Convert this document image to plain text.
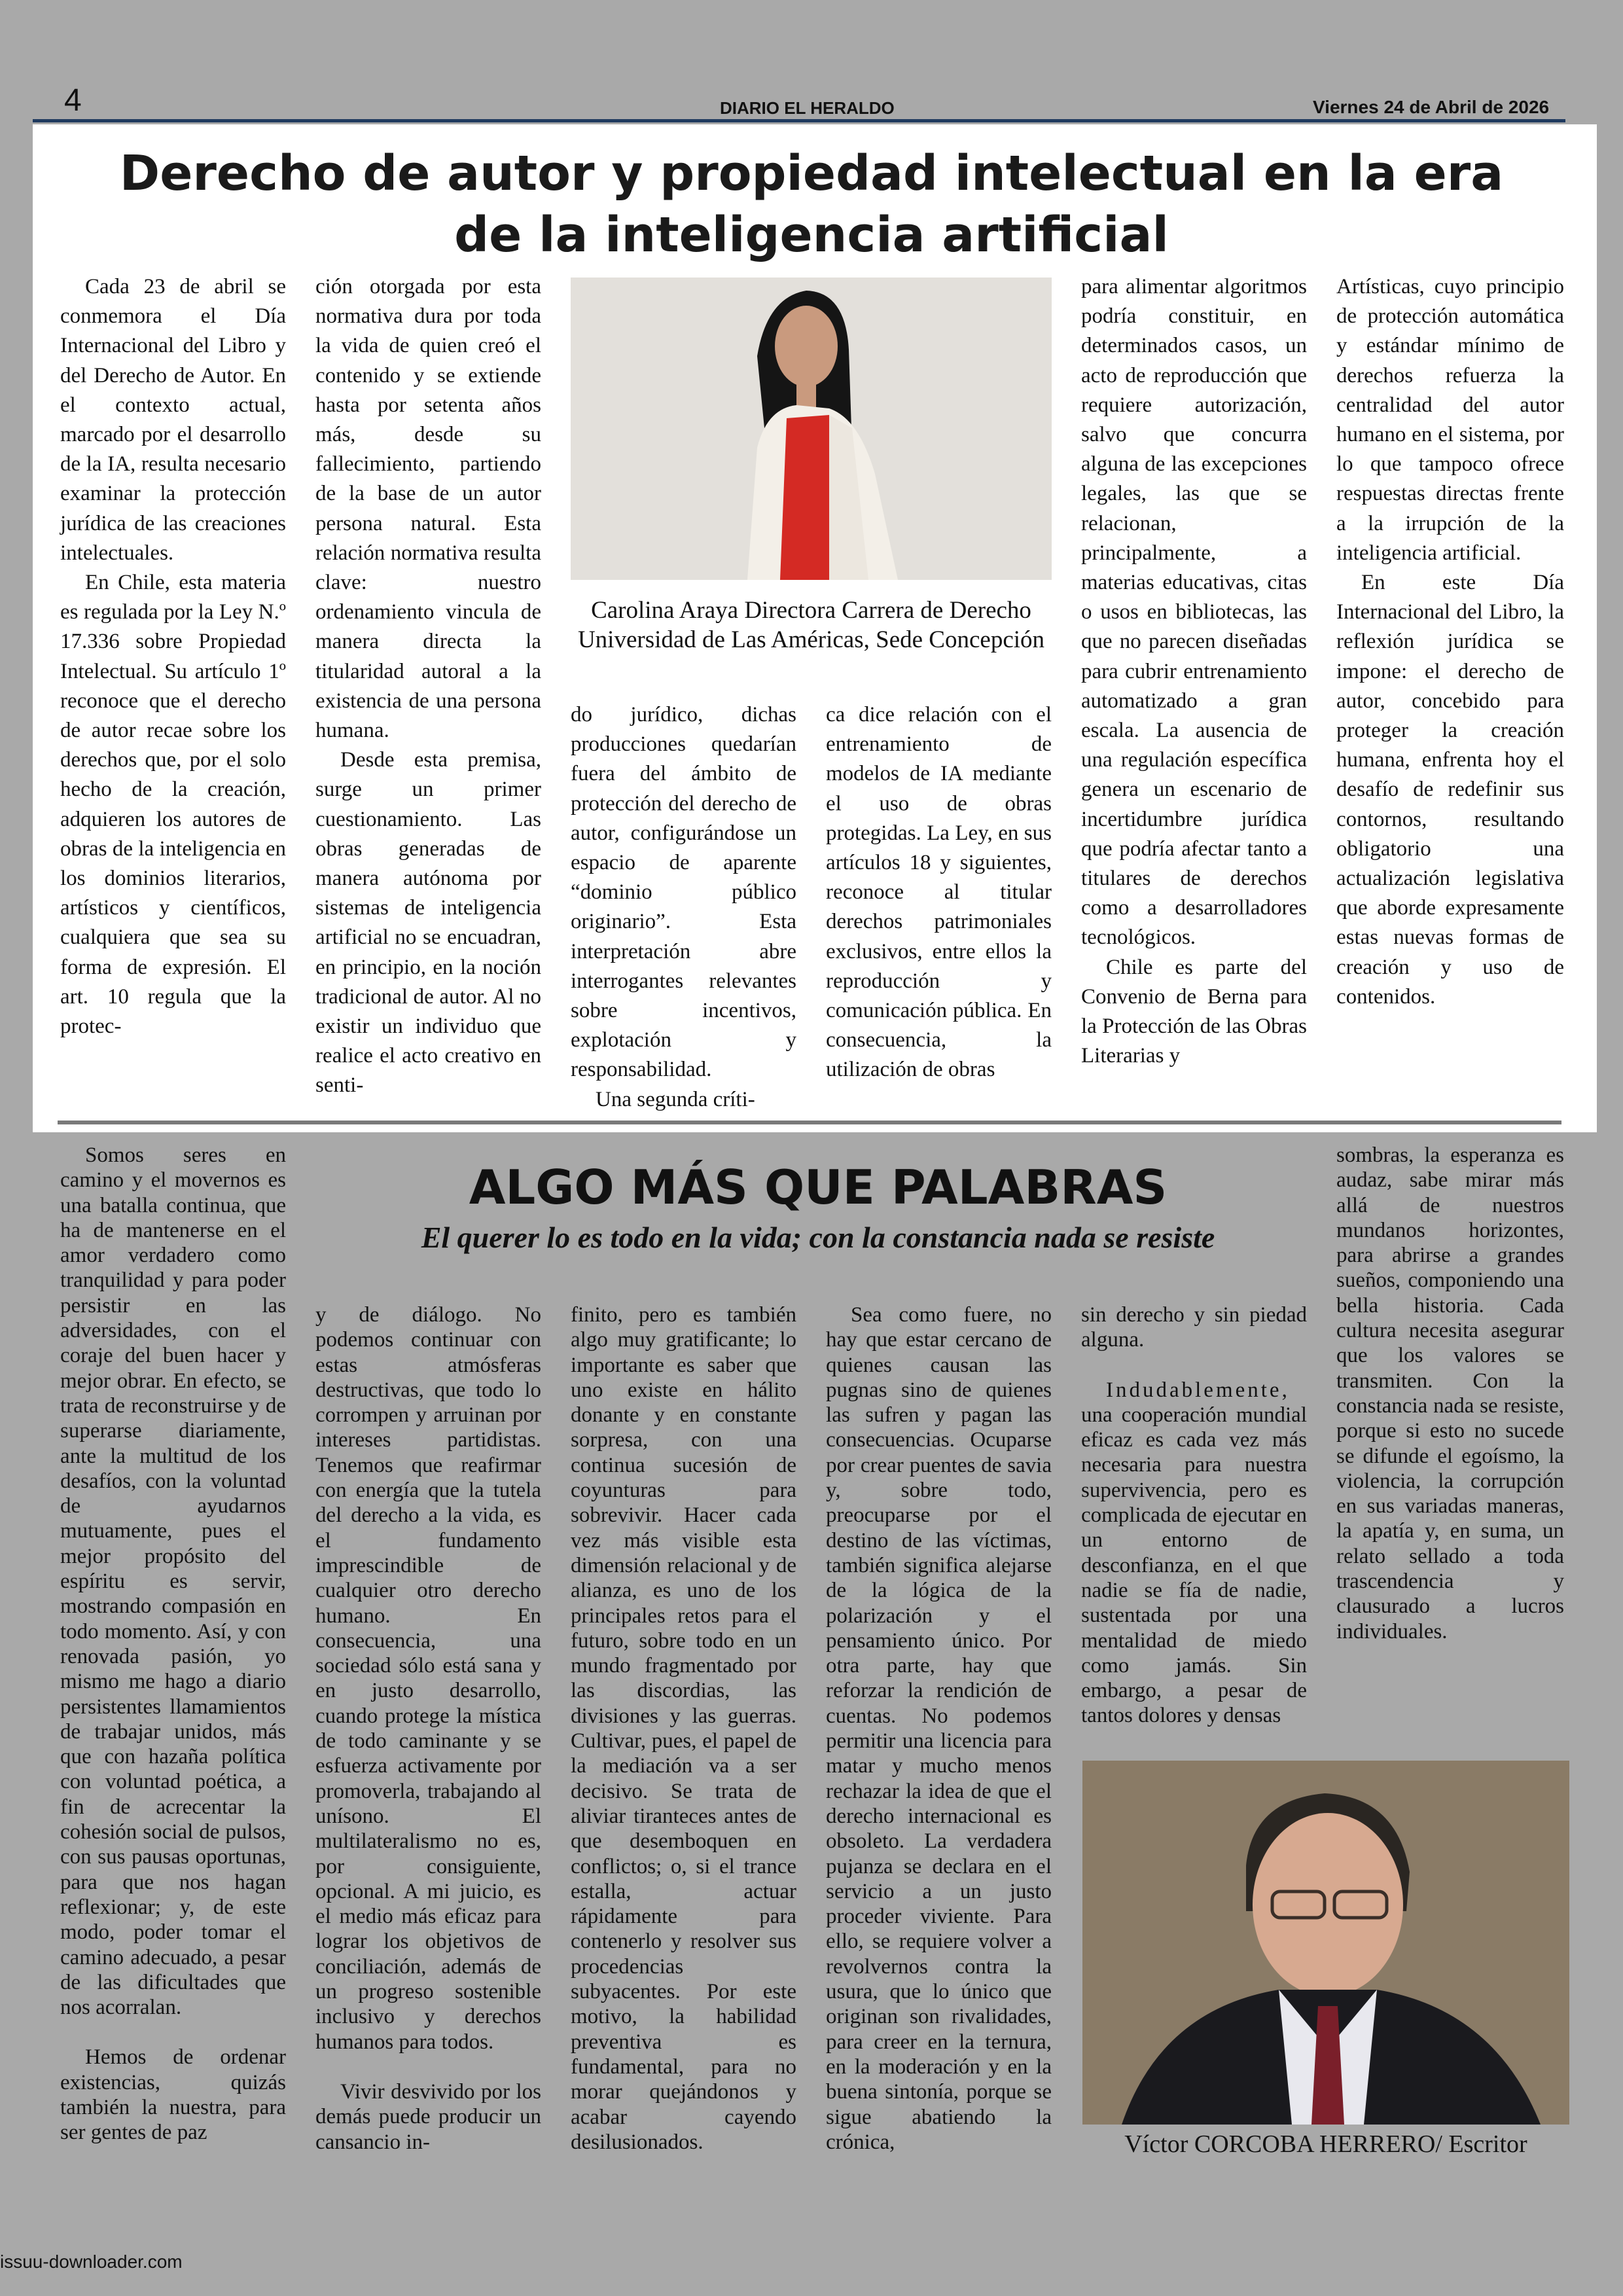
4	DIARIO EL HERALDO	Viernes 24 de Abril de 2026
Derecho de autor y propiedad intelectual en la era de la inteligencia artificial

Cada 23 de abril se conmemora el Día Internacional del Libro y del Derecho de Autor. En el contexto actual, marcado por el desarrollo de la IA, resulta necesario examinar la protección jurídica de las creaciones intelectuales.

En Chile, esta materia es regulada por la Ley N.º 17.336 sobre Propiedad Intelectual. Su artículo 1º reconoce que el derecho de autor recae sobre los derechos que, por el solo hecho de la creación, adquieren los autores de obras de la inteligencia en los dominios literarios, artísticos y científicos, cualquiera que sea su forma de expresión. El art. 10 regula que la protec-

ción otorgada por esta normativa dura por toda la vida de quien creó el contenido y se extiende hasta por setenta años más, desde su fallecimiento, partiendo de la base de un autor persona natural. Esta relación normativa resulta clave: nuestro ordenamiento vincula de manera directa la titularidad autoral a la existencia de una persona humana.

Desde esta premisa, surge un primer cuestionamiento. Las obras generadas de manera autónoma por sistemas de inteligencia artificial no se encuadran, en principio, en la noción tradicional de autor. Al no existir un individuo que realice el acto creativo en senti-

Carolina Araya Directora Carrera de Derecho Universidad de Las Américas, Sede Concepción

do jurídico, dichas producciones quedarían fuera del ámbito de protección del derecho de autor, configurándose un espacio de aparente “dominio público originario”. Esta interpretación abre interrogantes relevantes sobre incentivos, explotación y responsabilidad.

Una segunda críti-

ca dice relación con el entrenamiento de modelos de IA mediante el uso de obras protegidas. La Ley, en sus artículos 18 y siguientes, reconoce al titular derechos patrimoniales exclusivos, entre ellos la reproducción y comunicación pública. En consecuencia, la utilización de obras

para alimentar algoritmos podría constituir, en determinados casos, un acto de reproducción que requiere autorización, salvo que concurra alguna de las excepciones legales, las que se relacionan, principalmente, a materias educativas, citas o usos en bibliotecas, las que no parecen diseñadas para cubrir entrenamiento automatizado a gran escala. La ausencia de una regulación específica genera un escenario de incertidumbre jurídica que podría afectar tanto a titulares de derechos como a desarrolladores tecnológicos.

Chile es parte del Convenio de Berna para la Protección de las Obras Literarias y

Artísticas, cuyo principio de protección automática y estándar mínimo de derechos refuerza la centralidad del autor humano en el sistema, por lo que tampoco ofrece respuestas directas frente a la irrupción de la inteligencia artificial.

En este Día Internacional del Libro, la reflexión jurídica se impone: el derecho de autor, concebido para proteger la creación humana, enfrenta hoy el desafío de redefinir sus contornos, resultando obligatorio una actualización legislativa que aborde expresamente estas nuevas formas de creación y uso de contenidos.

ALGO MÁS QUE PALABRAS
El querer lo es todo en la vida; con la constancia nada se resiste

Somos seres en camino y el movernos es una batalla continua, que ha de mantenerse en el amor verdadero como tranquilidad y para poder persistir en las adversidades, con el coraje del buen hacer y mejor obrar. En efecto, se trata de reconstruirse y de superarse diariamente, ante la multitud de los desafíos, con la voluntad de ayudarnos mutuamente, pues el mejor propósito del espíritu es servir, mostrando compasión en todo momento. Así, y con renovada pasión, yo mismo me hago a diario persistentes llamamientos de trabajar unidos, más que con hazaña política con voluntad poética, a fin de acrecentar la cohesión social de pulsos, con sus pausas oportunas, para que nos hagan reflexionar; y, de este modo, poder tomar el camino adecuado, a pesar de las dificultades que nos acorralan.

Hemos de ordenar existencias, quizás también la nuestra, para ser gentes de paz

y de diálogo. No podemos continuar con estas atmósferas destructivas, que todo lo corrompen y arruinan por intereses partidistas. Tenemos que reafirmar con energía que la tutela del derecho a la vida, es el fundamento imprescindible de cualquier otro derecho humano. En consecuencia, una sociedad sólo está sana y en justo desarrollo, cuando protege la mística de todo caminante y se esfuerza activamente por promoverla, trabajando al unísono. El multilateralismo no es, por consiguiente, opcional. A mi juicio, es el medio más eficaz para lograr los objetivos de conciliación, además de un progreso sostenible inclusivo y derechos humanos para todos.

Vivir desvivido por los demás puede producir un cansancio in-

finito, pero es también algo muy gratificante; lo importante es saber que uno existe en hálito donante y en constante sorpresa, con una continua sucesión de coyunturas para sobrevivir. Hacer cada vez más visible esta dimensión relacional y de alianza, es uno de los principales retos para el futuro, sobre todo en un mundo fragmentado por las discordias, las divisiones y las guerras. Cultivar, pues, el papel de la mediación va a ser decisivo. Se trata de aliviar tiranteces antes de que desemboquen en conflictos; o, si el trance estalla, actuar rápidamente para contenerlo y resolver sus procedencias subyacentes. Por este motivo, la habilidad preventiva es fundamental, para no morar quejándonos y acabar cayendo desilusionados.

Sea como fuere, no hay que estar cercano de quienes causan las pugnas sino de quienes las sufren y pagan las consecuencias. Ocuparse por crear puentes de savia y, sobre todo, preocuparse por el destino de las víctimas, también significa alejarse de la lógica de la polarización y el pensamiento único. Por otra parte, hay que reforzar la rendición de cuentas. No podemos permitir una licencia para matar y mucho menos rechazar la idea de que el derecho internacional es obsoleto. La verdadera pujanza se declara en el servicio a un justo proceder viviente. Para ello, se requiere volver a revolvernos contra la usura, que lo único que originan son rivalidades, para creer en la ternura, en la moderación y en la buena sintonía, porque se sigue abatiendo la crónica,

sin derecho y sin piedad alguna.

Indudablemente, una cooperación mundial eficaz es cada vez más necesaria para nuestra supervivencia, pero es complicada de ejecutar en un entorno de desconfianza, en el que nadie se fía de nadie, sustentada por una mentalidad de miedo como jamás. Sin embargo, a pesar de tantos dolores y densas

sombras, la esperanza es audaz, sabe mirar más allá de nuestros mundanos horizontes, para abrirse a grandes sueños, componiendo una bella historia. Cada cultura necesita asegurar que los valores se transmiten. Con la constancia nada se resiste, porque si esto no sucede se difunde el egoísmo, la violencia, la corrupción en sus variadas maneras, la apatía y, en suma, un relato sellado a toda trascendencia y clausurado a lucros individuales.

Víctor CORCOBA HERRERO/ Escritor
issuu-downloader.com
